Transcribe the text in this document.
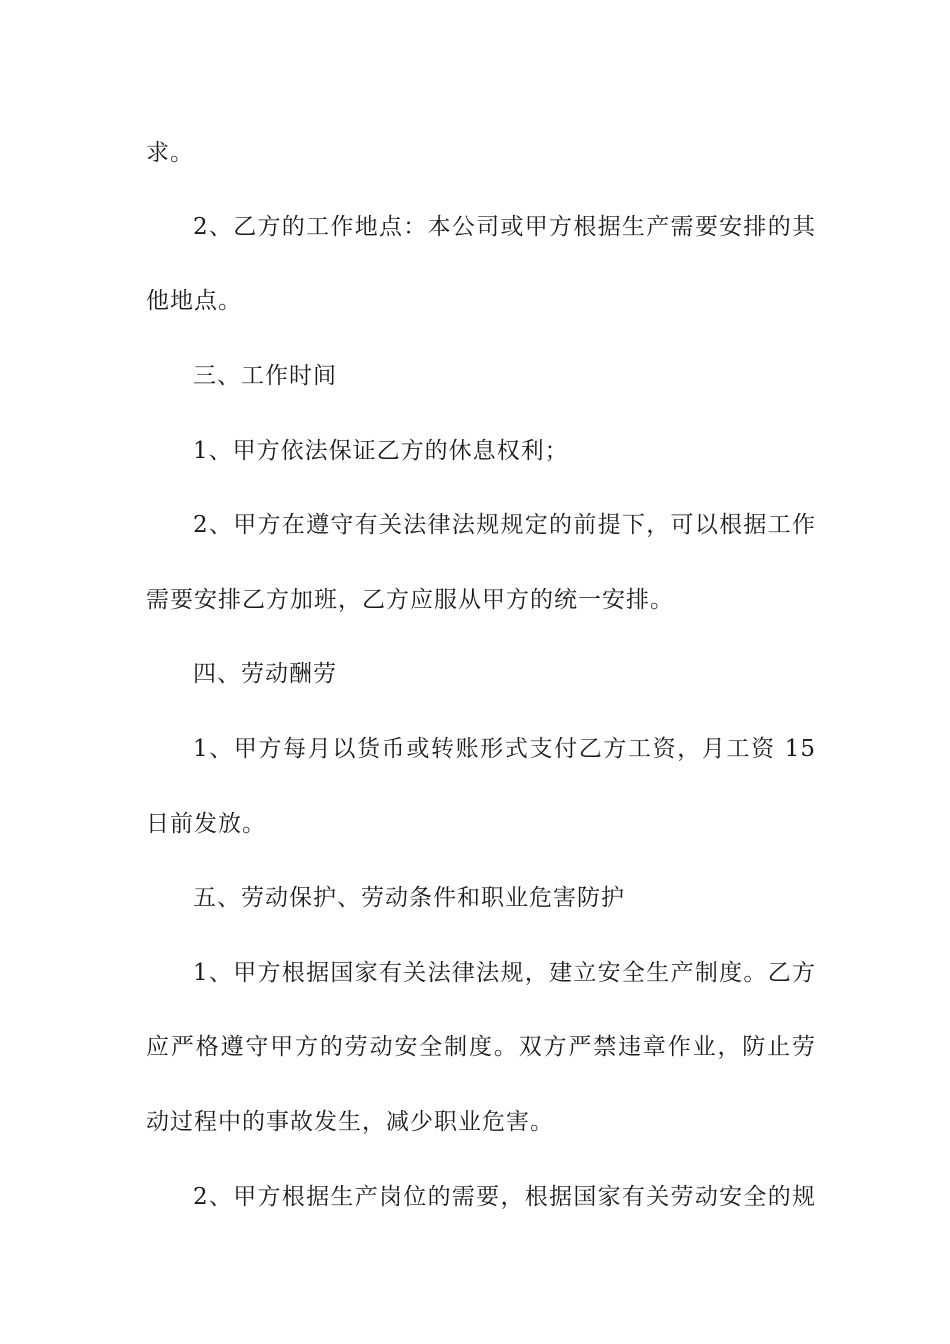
求。

2、乙方的工作地点：本公司或甲方根据生产需要安排的其

他地点。

三、工作时间

1、甲方依法保证乙方的休息权利；

2、甲方在遵守有关法律法规规定的前提下，可以根据工作

需要安排乙方加班，乙方应服从甲方的统一安排。

四、劳动酬劳

1、甲方每月以货币或转账形式支付乙方工资，月工资 15

日前发放。

五、劳动保护、劳动条件和职业危害防护

1、甲方根据国家有关法律法规，建立安全生产制度。乙方

应严格遵守甲方的劳动安全制度。双方严禁违章作业，防止劳

动过程中的事故发生，减少职业危害。

2、甲方根据生产岗位的需要，根据国家有关劳动安全的规
